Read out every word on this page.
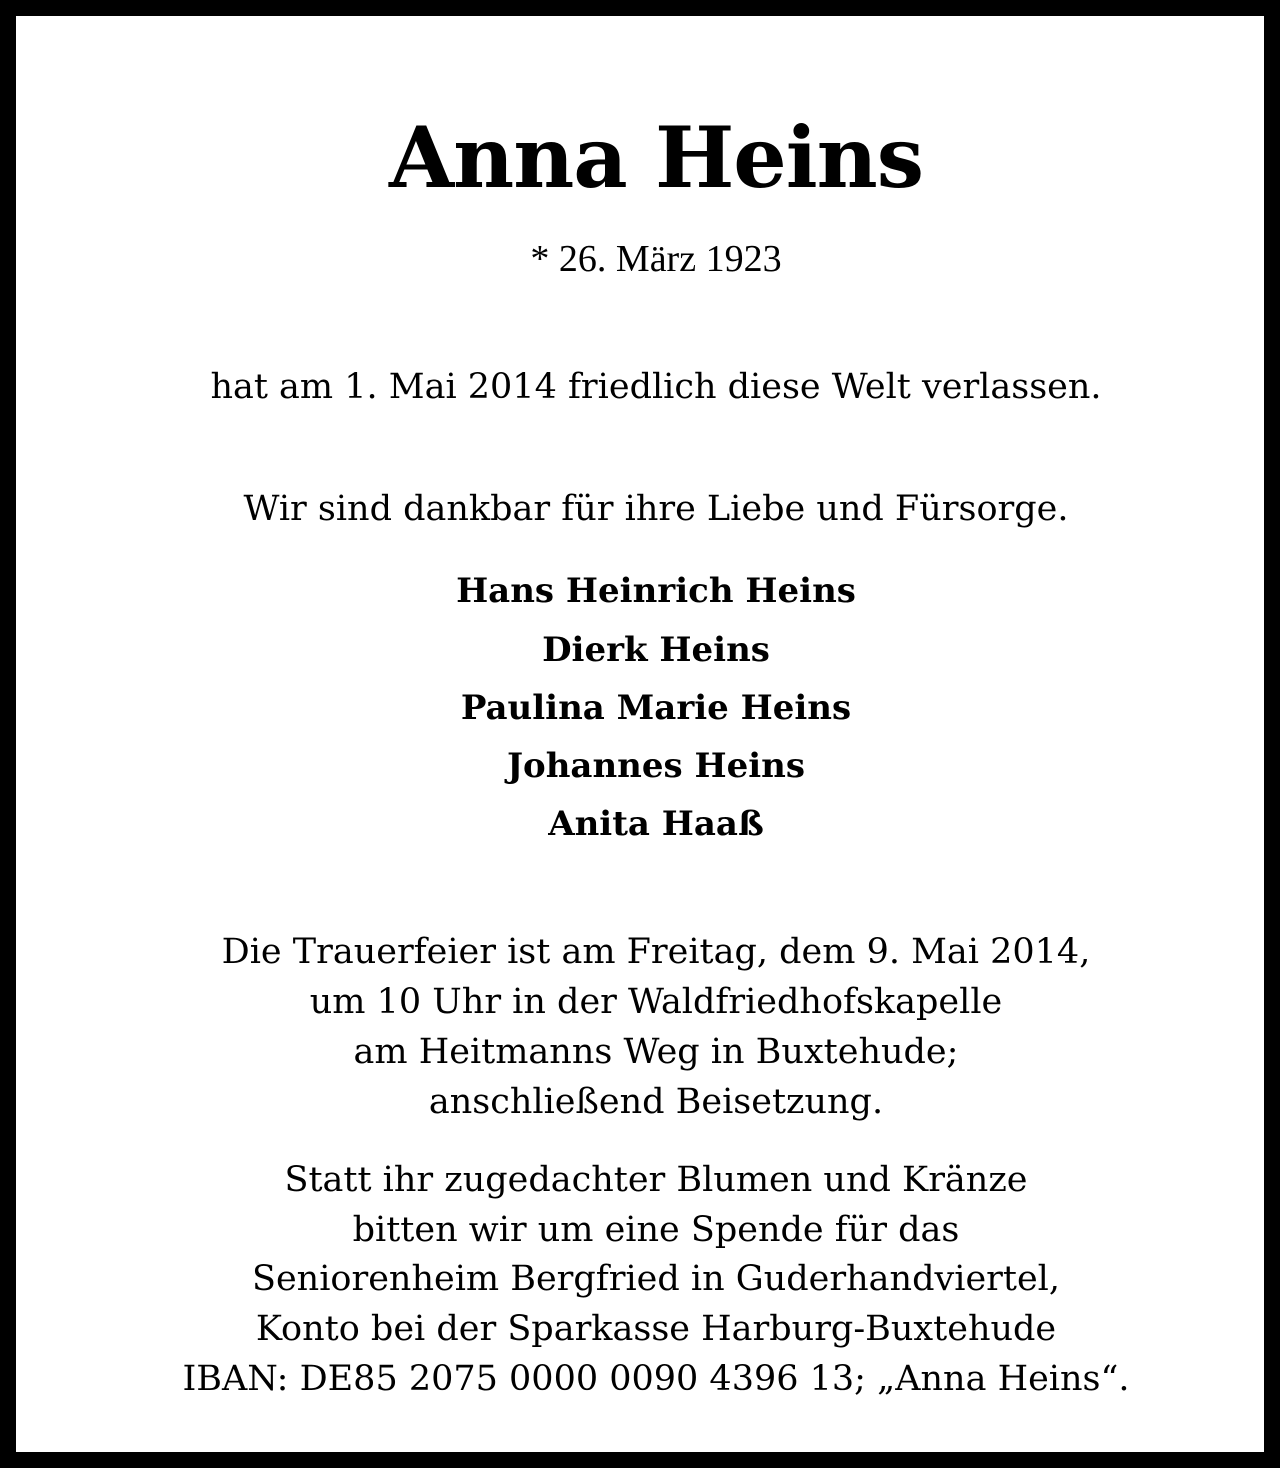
Anna Heins
* 26. März 1923
hat am 1. Mai 2014 friedlich diese Welt verlassen.
Wir sind dankbar für ihre Liebe und Fürsorge.
Hans Heinrich Heins
Dierk Heins
Paulina Marie Heins
Johannes Heins
Anita Haaß
Die Trauerfeier ist am Freitag, dem 9. Mai 2014,
um 10 Uhr in der Waldfriedhofskapelle
am Heitmanns Weg in Buxtehude;
anschließend Beisetzung.
Statt ihr zugedachter Blumen und Kränze
bitten wir um eine Spende für das
Seniorenheim Bergfried in Guderhandviertel,
Konto bei der Sparkasse Harburg-Buxtehude
IBAN: DE85 2075 0000 0090 4396 13; „Anna Heins“.
